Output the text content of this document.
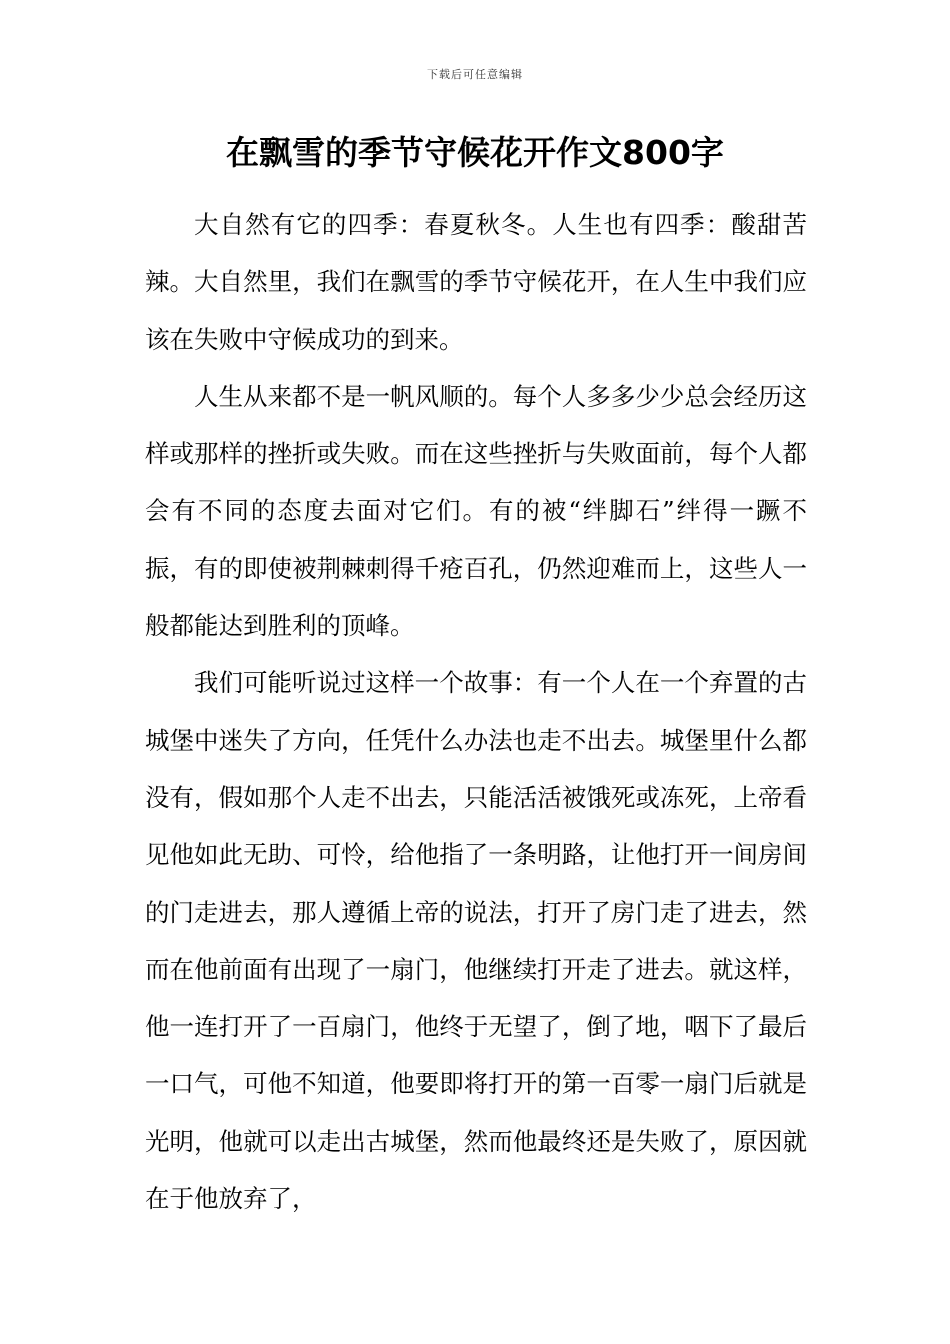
下载后可任意编辑
在飘雪的季节守候花开作文800字

大自然有它的四季：春夏秋冬。人生也有四季：酸甜苦辣。大自然里，我们在飘雪的季节守候花开，在人生中我们应该在失败中守候成功的到来。

人生从来都不是一帆风顺的。每个人多多少少总会经历这样或那样的挫折或失败。而在这些挫折与失败面前，每个人都会有不同的态度去面对它们。有的被“绊脚石”绊得一蹶不振，有的即使被荆棘刺得千疮百孔，仍然迎难而上，这些人一般都能达到胜利的顶峰。

我们可能听说过这样一个故事：有一个人在一个弃置的古城堡中迷失了方向，任凭什么办法也走不出去。城堡里什么都没有，假如那个人走不出去，只能活活被饿死或冻死，上帝看见他如此无助、可怜，给他指了一条明路，让他打开一间房间的门走进去，那人遵循上帝的说法，打开了房门走了进去，然而在他前面有出现了一扇门，他继续打开走了进去。就这样，他一连打开了一百扇门，他终于无望了，倒了地，咽下了最后一口气，可他不知道，他要即将打开的第一百零一扇门后就是光明，他就可以走出古城堡，然而他最终还是失败了，原因就在于他放弃了，
